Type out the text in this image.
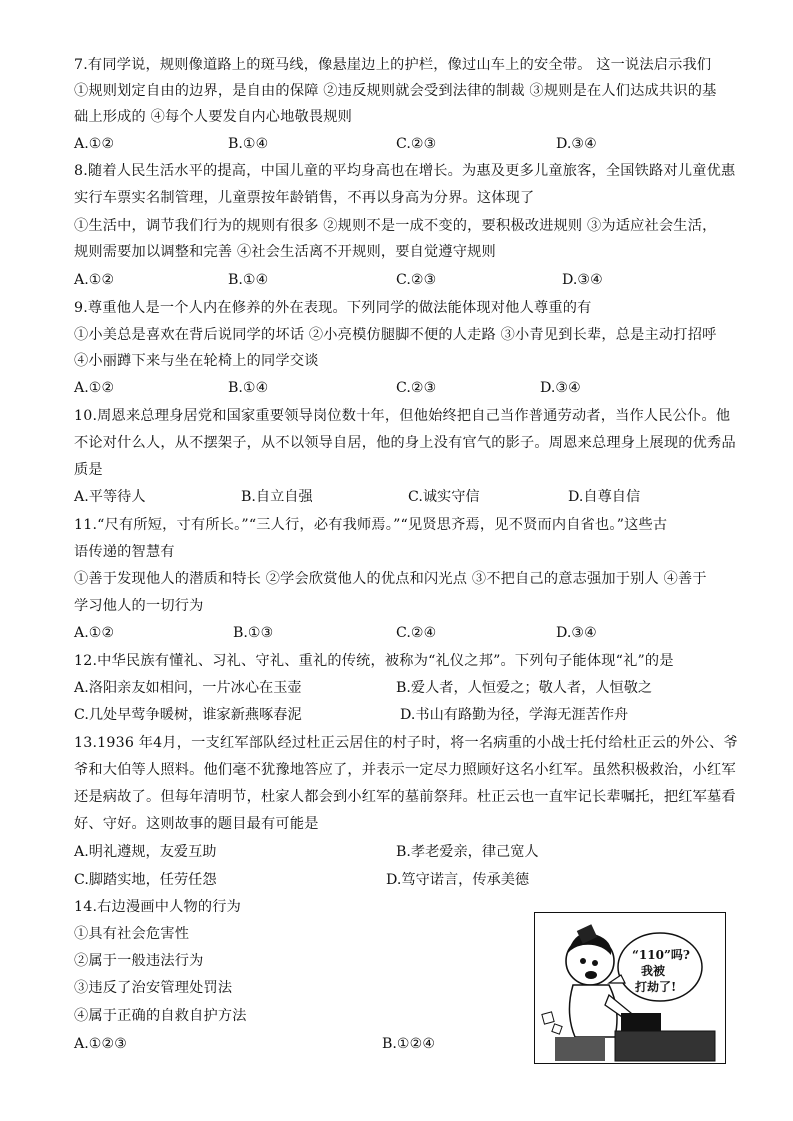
7.有同学说，规则像道路上的斑马线，像悬崖边上的护栏，像过山车上的安全带。 这一说法启示我们
①规则划定自由的边界，是自由的保障 ②违反规则就会受到法律的制裁 ③规则是在人们达成共识的基
础上形成的 ④每个人要发自内心地敬畏规则
A.①②	B.①④	C.②③	D.③④
8.随着人民生活水平的提高，中国儿童的平均身高也在增长。为惠及更多儿童旅客，全国铁路对儿童优惠
实行车票实名制管理，儿童票按年龄销售，不再以身高为分界。这体现了
①生活中，调节我们行为的规则有很多 ②规则不是一成不变的，要积极改进规则 ③为适应社会生活，
规则需要加以调整和完善 ④社会生活离不开规则，要自觉遵守规则
A.①②	B.①④	C.②③	D.③④
9.尊重他人是一个人内在修养的外在表现。下列同学的做法能体现对他人尊重的有
①小美总是喜欢在背后说同学的坏话 ②小亮模仿腿脚不便的人走路 ③小青见到长辈，总是主动打招呼
④小丽蹲下来与坐在轮椅上的同学交谈
A.①②	B.①④	C.②③	D.③④
10.周恩来总理身居党和国家重要领导岗位数十年，但他始终把自己当作普通劳动者，当作人民公仆。他
不论对什么人，从不摆架子，从不以领导自居，他的身上没有官气的影子。周恩来总理身上展现的优秀品
质是
A.平等待人	B.自立自强	C.诚实守信	D.自尊自信
11.“尺有所短，寸有所长。”“三人行，必有我师焉。”“见贤思齐焉，见不贤而内自省也。”这些古
语传递的智慧有
①善于发现他人的潜质和特长 ②学会欣赏他人的优点和闪光点 ③不把自己的意志强加于别人 ④善于
学习他人的一切行为
A.①②	B.①③	C.②④	D.③④
12.中华民族有懂礼、习礼、守礼、重礼的传统，被称为“礼仪之邦”。下列句子能体现“礼”的是
A.洛阳亲友如相问，一片冰心在玉壶	B.爱人者，人恒爱之；敬人者，人恒敬之
C.几处早莺争暖树，谁家新燕啄春泥	D.书山有路勤为径，学海无涯苦作舟
13.1936 年4月，一支红军部队经过杜正云居住的村子时，将一名病重的小战士托付给杜正云的外公、爷
爷和大伯等人照料。他们毫不犹豫地答应了，并表示一定尽力照顾好这名小红军。虽然积极救治，小红军
还是病故了。但每年清明节，杜家人都会到小红军的墓前祭拜。杜正云也一直牢记长辈嘱托，把红军墓看
好、守好。这则故事的题目最有可能是
A.明礼遵规，友爱互助	B.孝老爱亲，律己宽人
C.脚踏实地，任劳任怨	D.笃守诺言，传承美德
14.右边漫画中人物的行为
①具有社会危害性
②属于一般违法行为
③违反了治安管理处罚法
④属于正确的自救自护方法
A.①②③	B.①②④
“110”吗?
我被
打劫了!
